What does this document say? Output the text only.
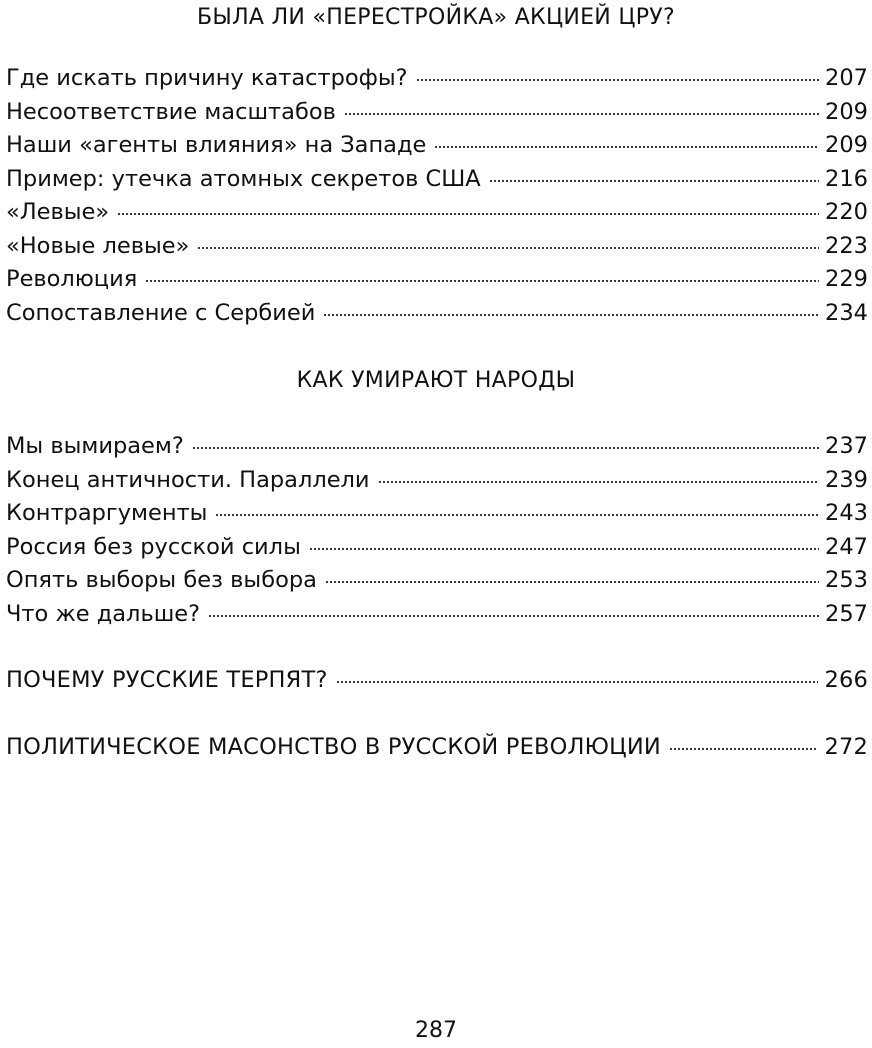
БЫЛА ЛИ «ПЕРЕСТРОЙКА» АКЦИЕЙ ЦРУ?
Где искать причину катастрофы?	207
Несоответствие масштабов	209
Наши «агенты влияния» на Западе	209
Пример: утечка атомных секретов США	216
«Левые»	220
«Новые левые»	223
Революция	229
Сопоставление с Сербией	234
КАК УМИРАЮТ НАРОДЫ
Мы вымираем?	237
Конец античности. Параллели	239
Контраргументы	243
Россия без русской силы	247
Опять выборы без выбора	253
Что же дальше?	257
ПОЧЕМУ РУССКИЕ ТЕРПЯТ?	266
ПОЛИТИЧЕСКОЕ МАСОНСТВО В РУССКОЙ РЕВОЛЮЦИИ	272
287
